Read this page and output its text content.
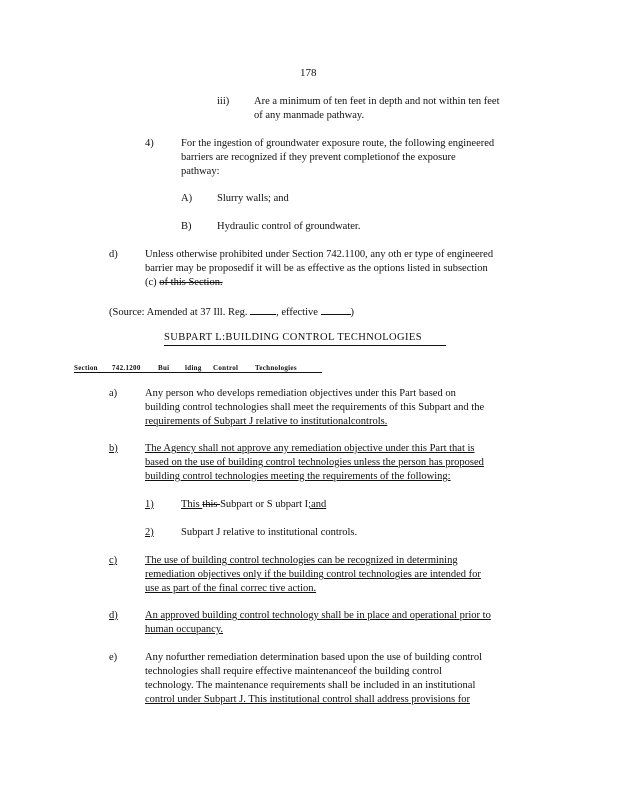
178
iii) Are a minimum of ten feet in depth and not within ten feet
of any manmade pathway.
4)	For the ingestion of groundwater exposure route, the following engineered
barriers are recognized if they prevent completionof the exposure
pathway:
A) Slurry walls; and
B) Hydraulic control of groundwater.
d)	Unless otherwise prohibited under Section 742.1100, any oth er type of engineered
barrier may be proposedif it will be as effective as the options listed in subsection
(c) of this Section.
(Source: Amended at 37 Ill. Reg.	, effective	)
SUBPART L:BUILDING CONTROL TECHNOLOGIES
Section 742.1200 Bui lding Control Technologies
a)	Any person who develops remediation objectives under this Part based on
building control technologies shall meet the requirements of this Subpart and the
requirements of Subpart J relative to institutionalcontrols.
b)	The Agency shall not approve any remediation objective under this Part that is
based on the use of building control technologies unless the person has proposed
building control technologies meeting the requirements of the following:
1)	This this Subpart or S ubpart I;and
2)	Subpart J relative to institutional controls.
c)	The use of building control technologies can be recognized in determining
remediation objectives only if the building control technologies are intended for
use as part of the final correc tive action.
d)	An approved building control technology shall be in place and operational prior to
human occupancy.
e)	Any nofurther remediation determination based upon the use of building control
technologies shall require effective maintenanceof the building control
technology. The maintenance requirements shall be included in an institutional
control under Subpart J. This institutional control shall address provisions for
